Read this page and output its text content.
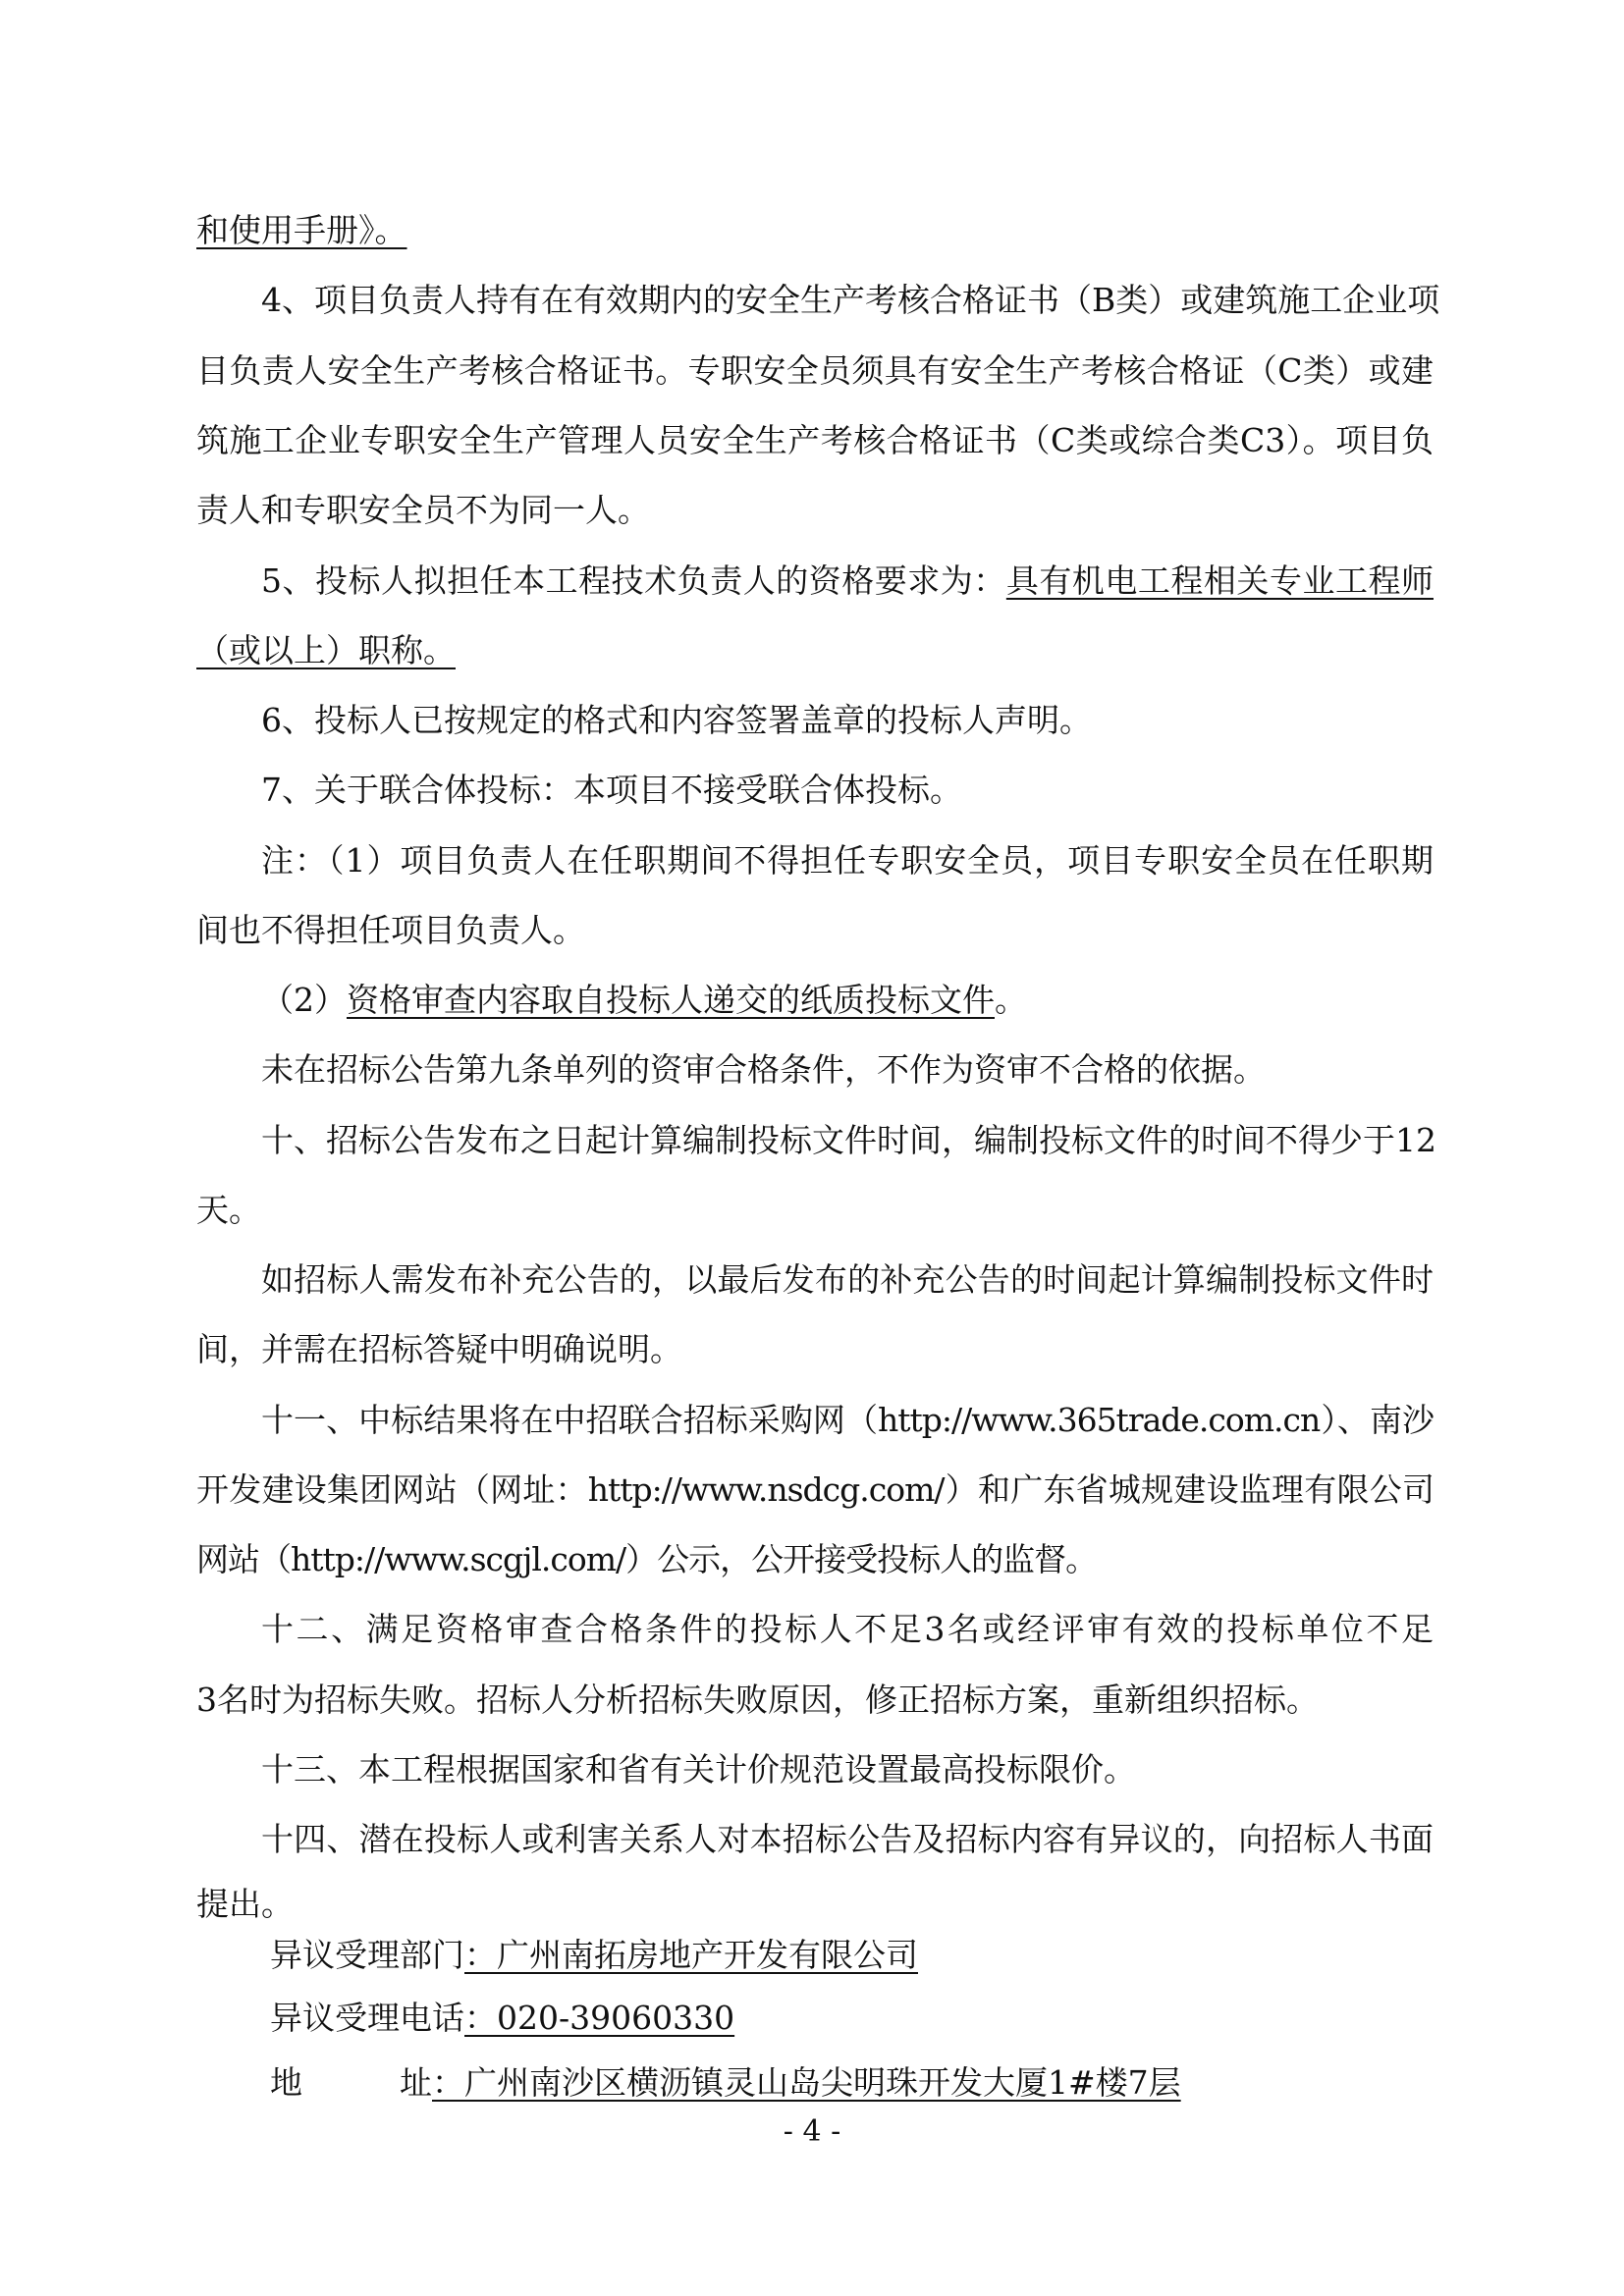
和使用手册》。
4、项目负责人持有在有效期内的安全生产考核合格证书（B类）或建筑施工企业项
目负责人安全生产考核合格证书。专职安全员须具有安全生产考核合格证（C类）或建
筑施工企业专职安全生产管理人员安全生产考核合格证书（C类或综合类C3）。项目负
责人和专职安全员不为同一人。
5、投标人拟担任本工程技术负责人的资格要求为：具有机电工程相关专业工程师
（或以上）职称。
6、投标人已按规定的格式和内容签署盖章的投标人声明。
7、关于联合体投标：本项目不接受联合体投标。
注：（1）项目负责人在任职期间不得担任专职安全员，项目专职安全员在任职期
间也不得担任项目负责人。
（2）资格审查内容取自投标人递交的纸质投标文件。
未在招标公告第九条单列的资审合格条件，不作为资审不合格的依据。
十、招标公告发布之日起计算编制投标文件时间，编制投标文件的时间不得少于12
天。
如招标人需发布补充公告的，以最后发布的补充公告的时间起计算编制投标文件时
间，并需在招标答疑中明确说明。
十一、中标结果将在中招联合招标采购网（http://www.365trade.com.cn）、南沙
开发建设集团网站（网址：http://www.nsdcg.com/）和广东省城规建设监理有限公司
网站（http://www.scgjl.com/）公示，公开接受投标人的监督。
十二、满足资格审查合格条件的投标人不足3名或经评审有效的投标单位不足
3名时为招标失败。招标人分析招标失败原因，修正招标方案，重新组织招标。
十三、本工程根据国家和省有关计价规范设置最高投标限价。
十四、潜在投标人或利害关系人对本招标公告及招标内容有异议的，向招标人书面
提出。
异议受理部门：广州南拓房地产开发有限公司
异议受理电话：020-39060330
地　　　址：广州南沙区横沥镇灵山岛尖明珠开发大厦1#楼7层
- 4 -
